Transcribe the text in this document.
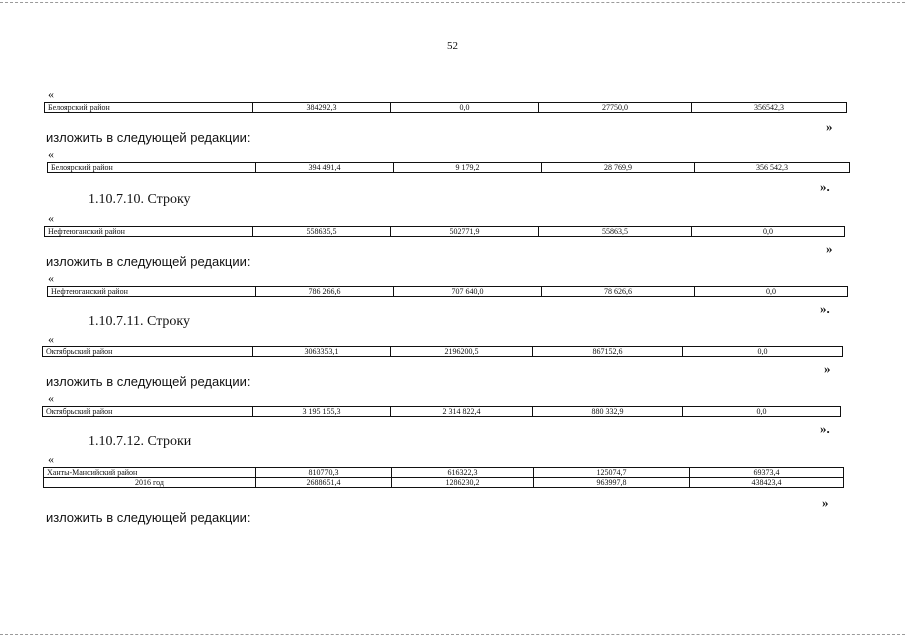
52
«
Белоярский район	384292,3	0,0	27750,0	356542,3
»
изложить в следующей редакции:
«
Белоярский район	394 491,4	9 179,2	28 769,9	356 542,3
».
1.10.7.10. Строку
«
Нефтеюганский район	558635,5	502771,9	55863,5	0,0
»
изложить в следующей редакции:
«
Нефтеюганский район	786 266,6	707 640,0	78 626,6	0,0
».
1.10.7.11. Строку
«
Октябрьский район	3063353,1	2196200,5	867152,6	0,0
»
изложить в следующей редакции:
«
Октябрьский район	3 195 155,3	2 314 822,4	880 332,9	0,0
».
1.10.7.12. Строки
«
Ханты-Мансийский район	810770,3	616322,3	125074,7	69373,4
2016 год	2688651,4	1286230,2	963997,8	438423,4
»
изложить в следующей редакции:
